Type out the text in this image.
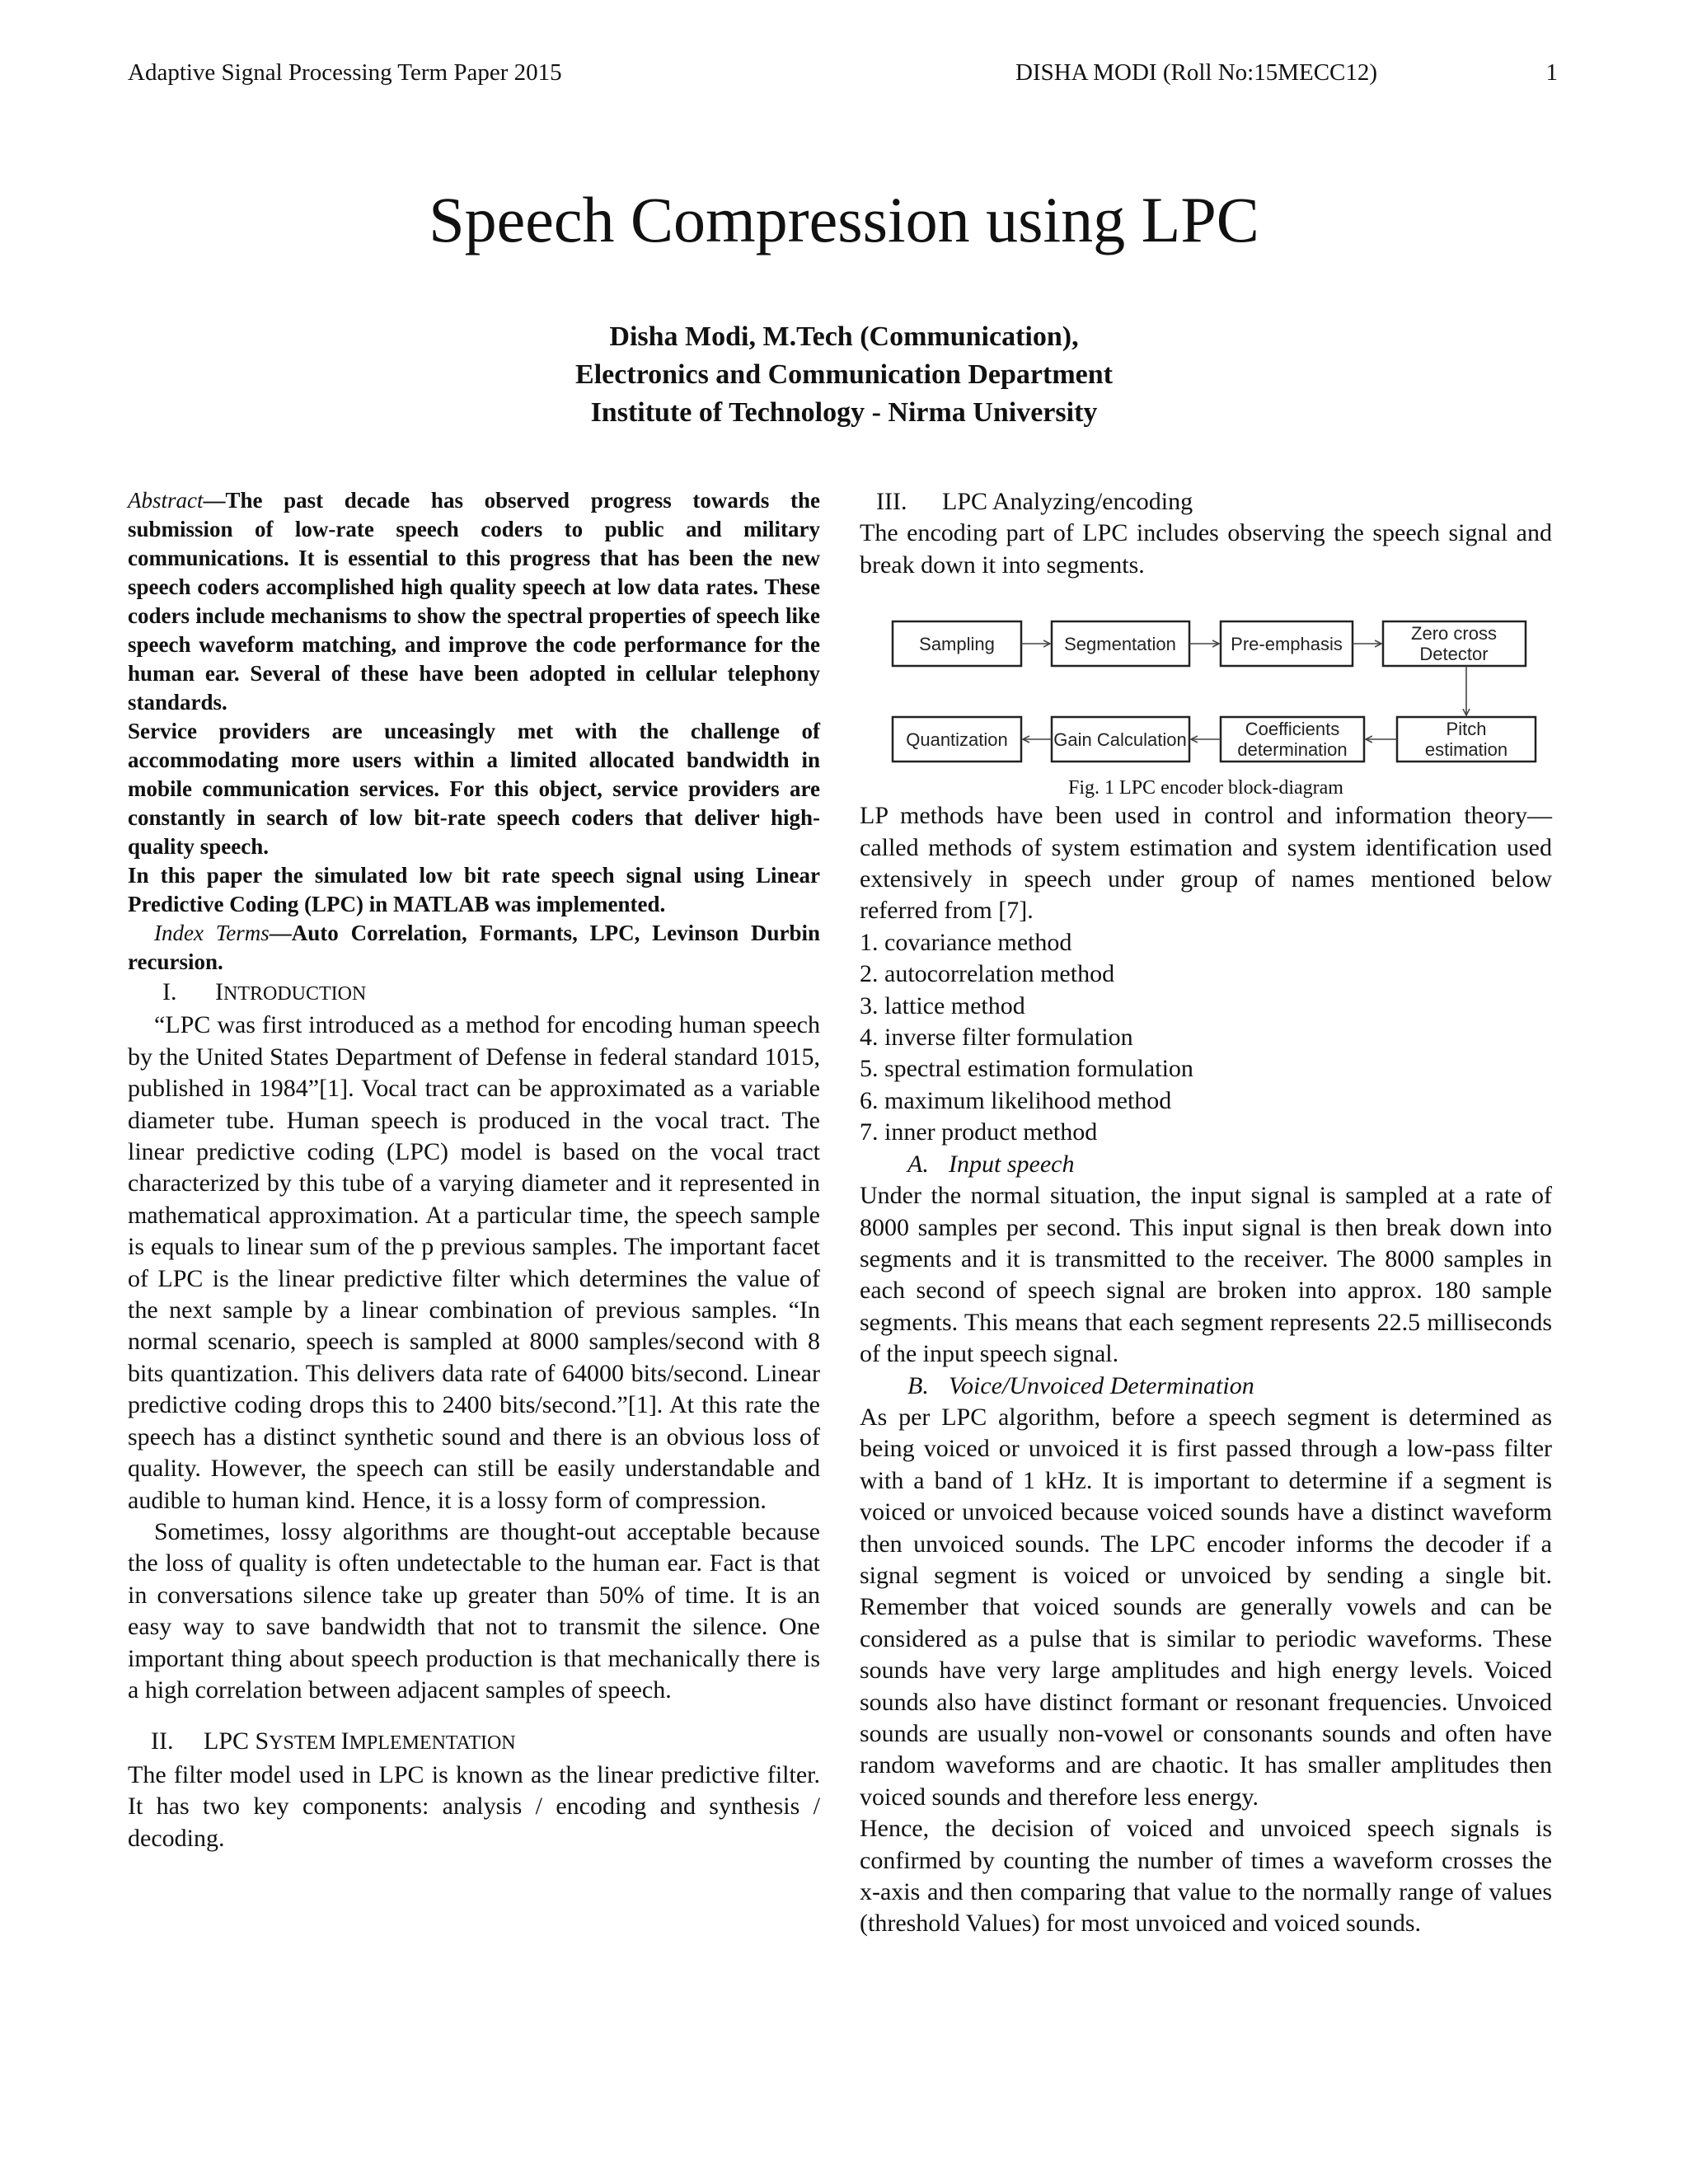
Adaptive Signal Processing Term Paper 2015	DISHA MODI (Roll No:15MECC12)	1
Speech Compression using LPC
Disha Modi, M.Tech (Communication),
Electronics and Communication Department
Institute of Technology - Nirma University

Abstract—The past decade has observed progress towards the submission of low-rate speech coders to public and military communications. It is essential to this progress that has been the new speech coders accomplished high quality speech at low data rates. These coders include mechanisms to show the spectral properties of speech like speech waveform matching, and improve the code performance for the human ear. Several of these have been adopted in cellular telephony standards.

Service providers are unceasingly met with the challenge of accommodating more users within a limited allocated bandwidth in mobile communication services. For this object, service providers are constantly in search of low bit-rate speech coders that deliver high-quality speech.

In this paper the simulated low bit rate speech signal using Linear Predictive Coding (LPC) in MATLAB was implemented.

Index Terms—Auto Correlation, Formants, LPC, Levinson Durbin recursion.

I. INTRODUCTION

“LPC was first introduced as a method for encoding human speech by the United States Department of Defense in federal standard 1015, published in 1984”[1]. Vocal tract can be approximated as a variable diameter tube. Human speech is produced in the vocal tract. The linear predictive coding (LPC) model is based on the vocal tract characterized by this tube of a varying diameter and it represented in mathematical approximation. At a particular time, the speech sample is equals to linear sum of the p previous samples. The important facet of LPC is the linear predictive filter which determines the value of the next sample by a linear combination of previous samples. “In normal scenario, speech is sampled at 8000 samples/second with 8 bits quantization. This delivers data rate of 64000 bits/second. Linear predictive coding drops this to 2400 bits/second.”[1]. At this rate the speech has a distinct synthetic sound and there is an obvious loss of quality. However, the speech can still be easily understandable and audible to human kind. Hence, it is a lossy form of compression.

Sometimes, lossy algorithms are thought-out acceptable because the loss of quality is often undetectable to the human ear. Fact is that in conversations silence take up greater than 50% of time. It is an easy way to save bandwidth that not to transmit the silence. One important thing about speech production is that mechanically there is a high correlation between adjacent samples of speech.

II. LPC SYSTEM IMPLEMENTATION

The filter model used in LPC is known as the linear predictive filter. It has two key components: analysis / encoding and synthesis / decoding.

III. LPC Analyzing/encoding

The encoding part of LPC includes observing the speech signal and break down it into segments.

Sampling	Segmentation	Pre-emphasis
Zero cross
Detector
Quantization	Gain Calculation
Coefficients
determination
Pitch
estimation
Fig. 1 LPC encoder block-diagram

LP methods have been used in control and information theory—called methods of system estimation and system identification used extensively in speech under group of names mentioned below referred from [7].

1. covariance method
2. autocorrelation method
3. lattice method
4. inverse filter formulation
5. spectral estimation formulation
6. maximum likelihood method
7. inner product method
A. Input speech

Under the normal situation, the input signal is sampled at a rate of 8000 samples per second. This input signal is then break down into segments and it is transmitted to the receiver. The 8000 samples in each second of speech signal are broken into approx. 180 sample segments. This means that each segment represents 22.5 milliseconds of the input speech signal.

B. Voice/Unvoiced Determination

As per LPC algorithm, before a speech segment is determined as being voiced or unvoiced it is first passed through a low-pass filter with a band of 1 kHz. It is important to determine if a segment is voiced or unvoiced because voiced sounds have a distinct waveform then unvoiced sounds. The LPC encoder informs the decoder if a signal segment is voiced or unvoiced by sending a single bit. Remember that voiced sounds are generally vowels and can be considered as a pulse that is similar to periodic waveforms. These sounds have very large amplitudes and high energy levels. Voiced sounds also have distinct formant or resonant frequencies. Unvoiced sounds are usually non-vowel or consonants sounds and often have random waveforms and are chaotic. It has smaller amplitudes then voiced sounds and therefore less energy.

Hence, the decision of voiced and unvoiced speech signals is confirmed by counting the number of times a waveform crosses the x-axis and then comparing that value to the normally range of values (threshold Values) for most unvoiced and voiced sounds.
